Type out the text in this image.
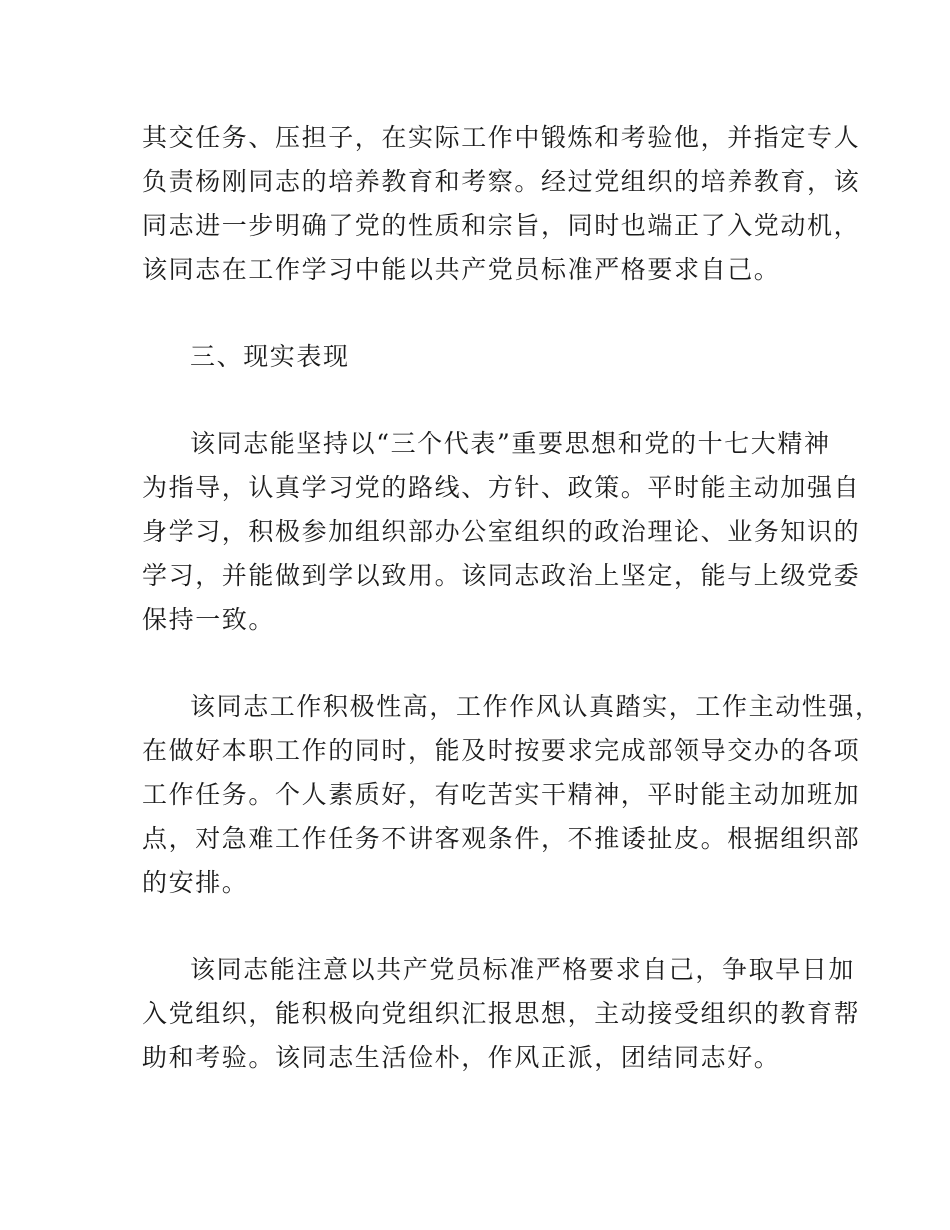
其交任务、压担子，在实际工作中锻炼和考验他，并指定专人
负责杨刚同志的培养教育和考察。经过党组织的培养教育，该
同志进一步明确了党的性质和宗旨，同时也端正了入党动机，
该同志在工作学习中能以共产党员标准严格要求自己。
三、现实表现
该同志能坚持以“三个代表”重要思想和党的十七大精神
为指导，认真学习党的路线、方针、政策。平时能主动加强自
身学习，积极参加组织部办公室组织的政治理论、业务知识的
学习，并能做到学以致用。该同志政治上坚定，能与上级党委
保持一致。
该同志工作积极性高，工作作风认真踏实，工作主动性强，
在做好本职工作的同时，能及时按要求完成部领导交办的各项
工作任务。个人素质好，有吃苦实干精神，平时能主动加班加
点，对急难工作任务不讲客观条件，不推诿扯皮。根据组织部
的安排。
该同志能注意以共产党员标准严格要求自己，争取早日加
入党组织，能积极向党组织汇报思想，主动接受组织的教育帮
助和考验。该同志生活俭朴，作风正派，团结同志好。
